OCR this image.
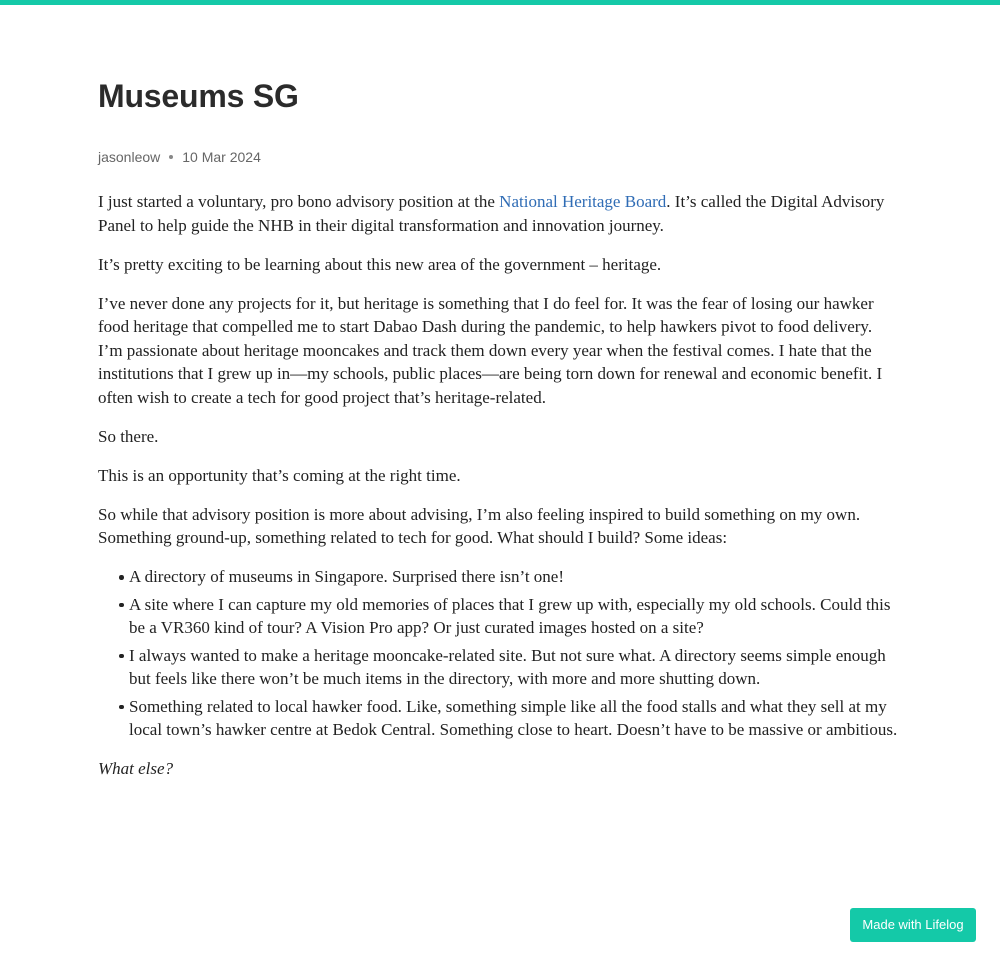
Museums SG
jasonleow 10 Mar 2024

I just started a voluntary, pro bono advisory position at the National Heritage Board. It’s called the Digital Advisory Panel to help guide the NHB in their digital transformation and innovation journey.

It’s pretty exciting to be learning about this new area of the government – heritage.

I’ve never done any projects for it, but heritage is something that I do feel for. It was the fear of losing our hawker food heritage that compelled me to start Dabao Dash during the pandemic, to help hawkers pivot to food delivery. I’m passionate about heritage mooncakes and track them down every year when the festival comes. I hate that the institutions that I grew up in—my schools, public places—are being torn down for renewal and economic benefit. I often wish to create a tech for good project that’s heritage-related.

So there.

This is an opportunity that’s coming at the right time.

So while that advisory position is more about advising, I’m also feeling inspired to build something on my own. Something ground-up, something related to tech for good. What should I build? Some ideas:

A directory of museums in Singapore. Surprised there isn’t one!
A site where I can capture my old memories of places that I grew up with, especially my old schools. Could this be a VR360 kind of tour? A Vision Pro app? Or just curated images hosted on a site?
I always wanted to make a heritage mooncake-related site. But not sure what. A directory seems simple enough but feels like there won’t be much items in the directory, with more and more shutting down.
Something related to local hawker food. Like, something simple like all the food stalls and what they sell at my local town’s hawker centre at Bedok Central. Something close to heart. Doesn’t have to be massive or ambitious.

What else?

Made with Lifelog
